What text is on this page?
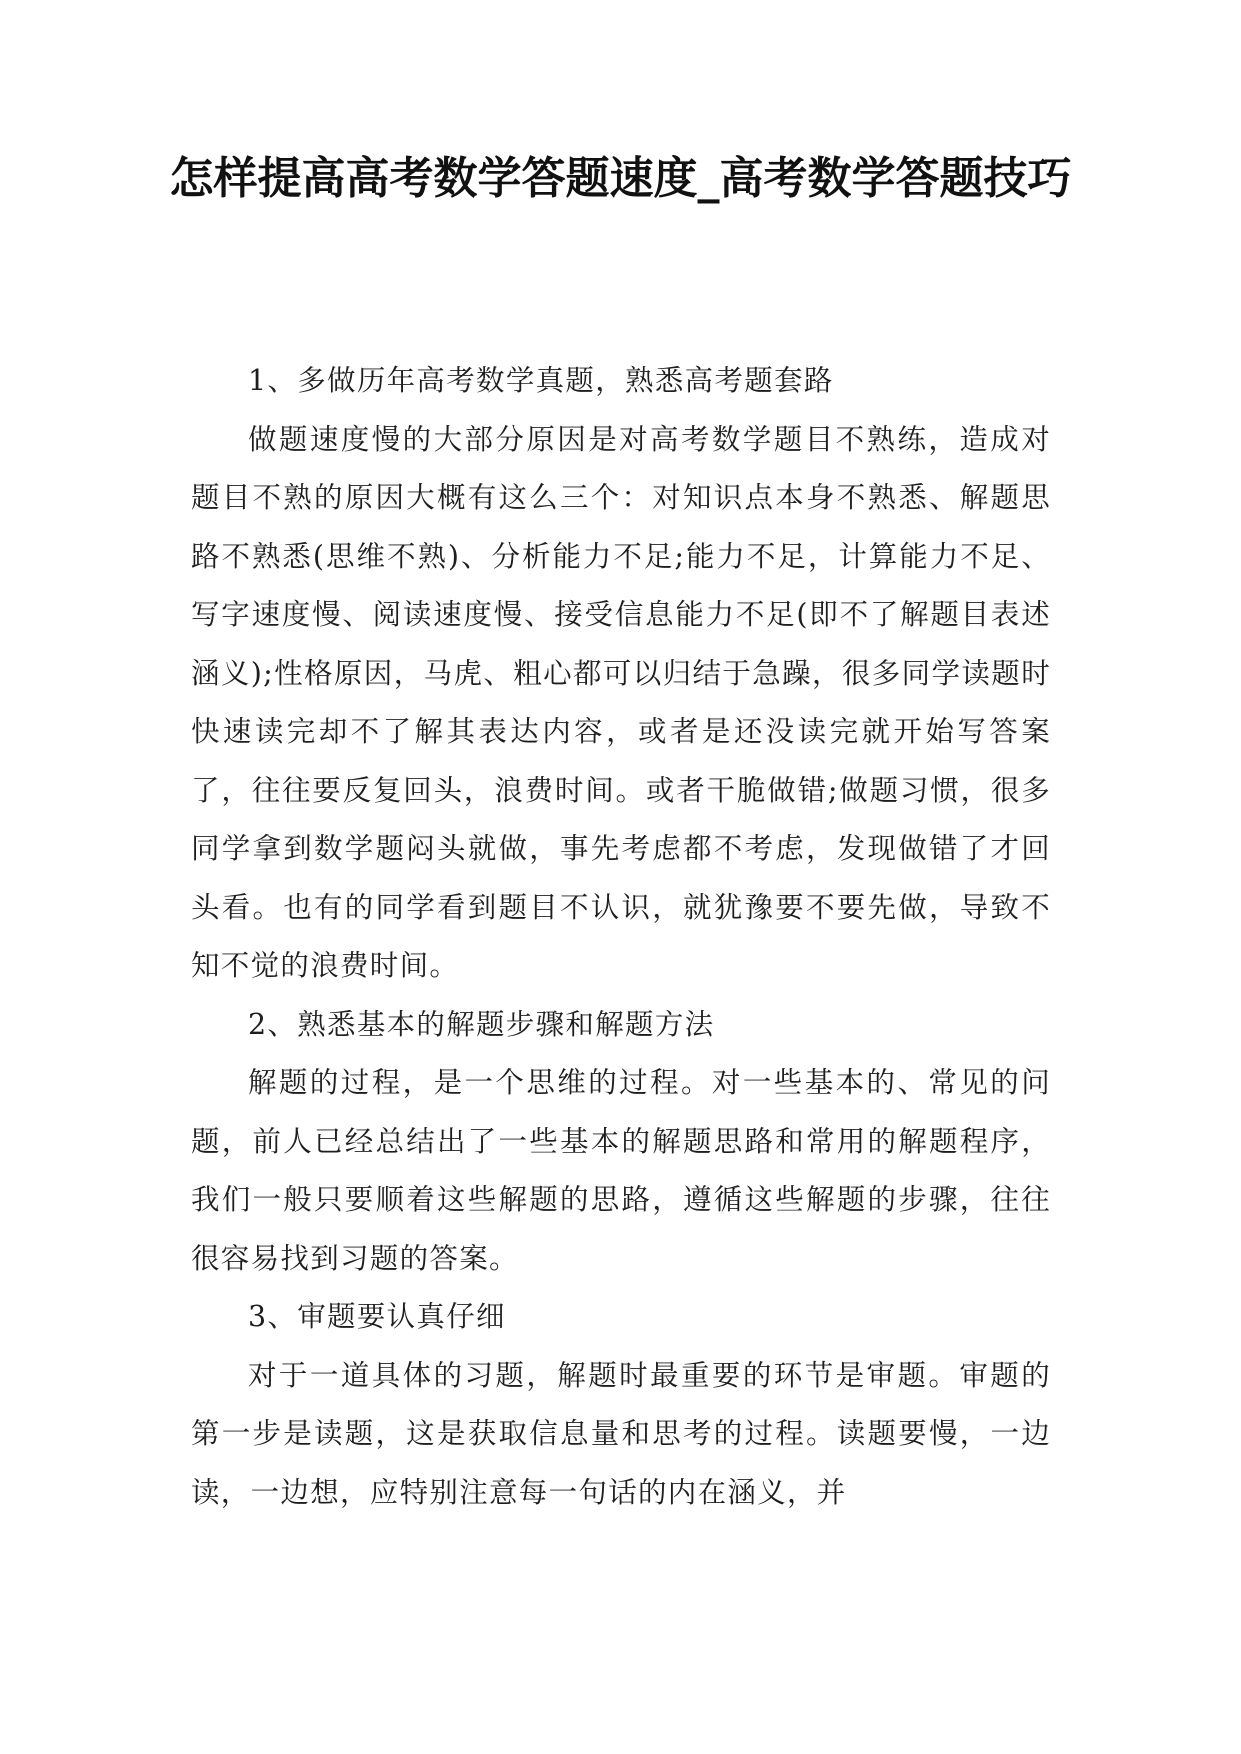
怎样提高高考数学答题速度_高考数学答题技巧

1、多做历年高考数学真题，熟悉高考题套路

做题速度慢的大部分原因是对高考数学题目不熟练，造成对题目不熟的原因大概有这么三个：对知识点本身不熟悉、解题思路不熟悉(思维不熟)、分析能力不足;能力不足，计算能力不足、写字速度慢、阅读速度慢、接受信息能力不足(即不了解题目表述涵义);性格原因，马虎、粗心都可以归结于急躁，很多同学读题时快速读完却不了解其表达内容，或者是还没读完就开始写答案了，往往要反复回头，浪费时间。或者干脆做错;做题习惯，很多同学拿到数学题闷头就做，事先考虑都不考虑，发现做错了才回头看。也有的同学看到题目不认识，就犹豫要不要先做，导致不知不觉的浪费时间。

2、熟悉基本的解题步骤和解题方法

解题的过程，是一个思维的过程。对一些基本的、常见的问题，前人已经总结出了一些基本的解题思路和常用的解题程序，我们一般只要顺着这些解题的思路，遵循这些解题的步骤，往往很容易找到习题的答案。

3、审题要认真仔细

对于一道具体的习题，解题时最重要的环节是审题。审题的第一步是读题，这是获取信息量和思考的过程。读题要慢，一边读，一边想，应特别注意每一句话的内在涵义，并
